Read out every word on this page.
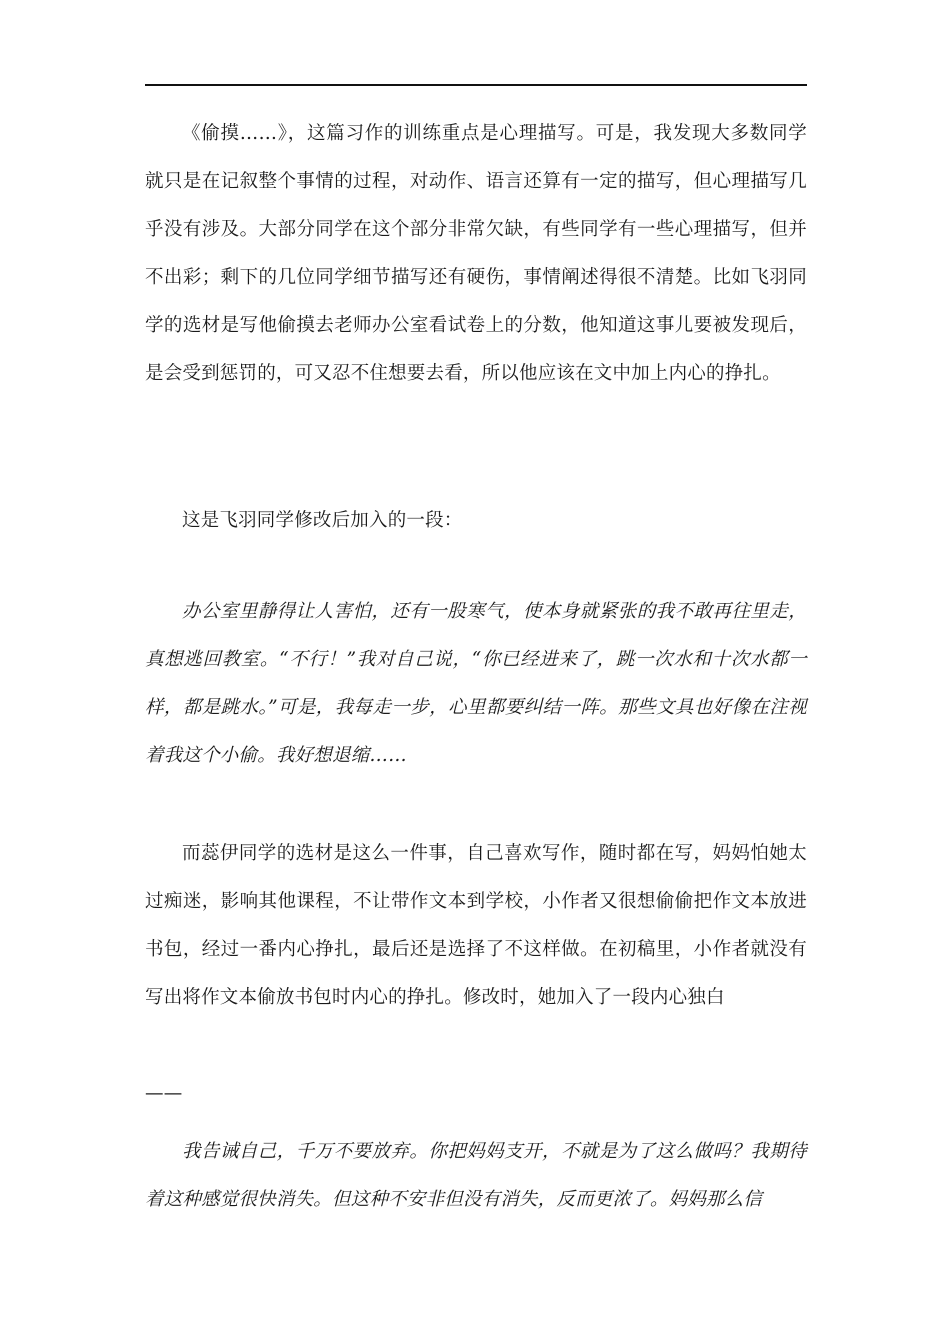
《偷摸……》，这篇习作的训练重点是心理描写。可是，我发现大多数同学就只是在记叙整个事情的过程，对动作、语言还算有一定的描写，但心理描写几乎没有涉及。大部分同学在这个部分非常欠缺，有些同学有一些心理描写，但并不出彩；剩下的几位同学细节描写还有硬伤，事情阐述得很不清楚。比如飞羽同学的选材是写他偷摸去老师办公室看试卷上的分数，他知道这事儿要被发现后，是会受到惩罚的，可又忍不住想要去看，所以他应该在文中加上内心的挣扎。

这是飞羽同学修改后加入的一段：

办公室里静得让人害怕，还有一股寒气，使本身就紧张的我不敢再往里走，真想逃回教室。“不行！”我对自己说，“你已经进来了，跳一次水和十次水都一样，都是跳水。”可是，我每走一步，心里都要纠结一阵。那些文具也好像在注视着我这个小偷。我好想退缩……

而蕊伊同学的选材是这么一件事，自己喜欢写作，随时都在写，妈妈怕她太过痴迷，影响其他课程，不让带作文本到学校，小作者又很想偷偷把作文本放进书包，经过一番内心挣扎，最后还是选择了不这样做。在初稿里，小作者就没有写出将作文本偷放书包时内心的挣扎。修改时，她加入了一段内心独白

——

我告诫自己，千万不要放弃。你把妈妈支开，不就是为了这么做吗？我期待着这种感觉很快消失。但这种不安非但没有消失，反而更浓了。妈妈那么信
